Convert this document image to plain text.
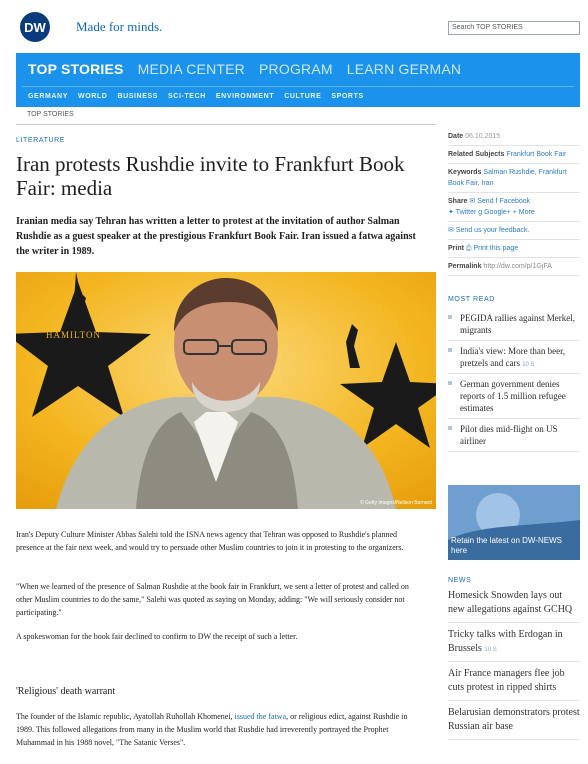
DW	Made for minds.	Search TOP STORIES
TOP STORIES MEDIA CENTER PROGRAM LEARN GERMAN
GERMANY WORLD BUSINESS SCI-TECH ENVIRONMENT CULTURE SPORTS
TOP STORIES
LITERATURE
Iran protests Rushdie invite to Frankfurt Book Fair: media

Iranian media say Tehran has written a letter to protest at the invitation of author Salman Rushdie as a guest speaker at the prestigious Frankfurt Book Fair. Iran issued a fatwa against the writer in 1989.

HAMILTON
© Getty Images/Neilson Barnard

Iran's Deputy Culture Minister Abbas Salehi told the ISNA news agency that Tehran was opposed to Rushdie's planned presence at the fair next week, and would try to persuade other Muslim countries to join it in protesting to the organizers.

"When we learned of the presence of Salman Rushdie at the book fair in Frankfurt, we sent a letter of protest and called on other Muslim countries to do the same," Salehi was quoted as saying on Monday, adding: "We will seriously consider not participating."

A spokeswoman for the book fair declined to confirm to DW the receipt of such a letter.

'Religious' death warrant

The founder of the Islamic republic, Ayatollah Ruhollah Khomenei, issued the fatwa, or religious edict, against Rushdie in 1989. This followed allegations from many in the Muslim world that Rushdie had irreverently portrayed the Prophet Muhammad in his 1988 novel, "The Satanic Verses".

Date 06.10.2015
Related Subjects Frankfurt Book Fair
Keywords Salman Rushdie, Frankfurt Book Fair, Iran
Share ✉ Send f Facebook
✦ Twitter g Google+ + More
✉ Send us your feedback.
Print ⎙ Print this page
Permalink http://dw.com/p/1GjFA
MOST READ
PEGIDA rallies against Merkel, migrants
India's view: More than beer, pretzels and cars 10 S
German government denies reports of 1.5 million refugee estimates
Pilot dies mid-flight on US airliner
Retain the latest on DW-NEWS here
NEWS
Homesick Snowden lays out new allegations against GCHQ
Tricky talks with Erdogan in Brussels 10 S
Air France managers flee job cuts protest in ripped shirts
Belarusian demonstrators protest Russian air base
